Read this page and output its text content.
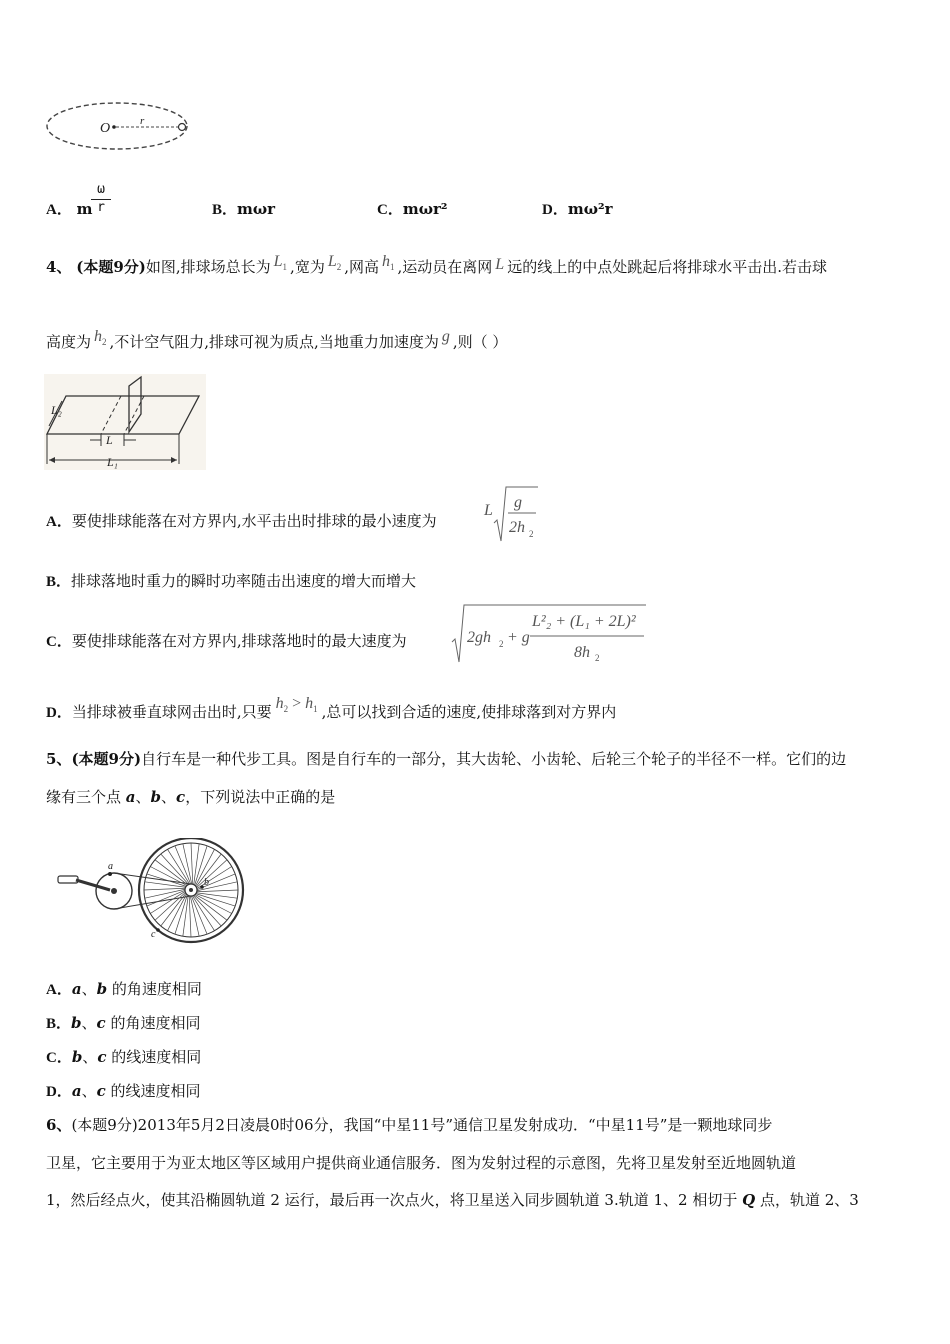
O	r
A． m
ω
r	B．mωr	C．mωr²	D．mω²r
4、 (本题9分)如图,排球场总长为 $L_1$ ,宽为 $L_2$ ,网高 $h_1$ ,运动员在离网 L 远的线上的中点处跳起后将排球水平击出.若击球
高度为 $h_2$ ,不计空气阻力,排球可视为质点,当地重力加速度为 g ,则（ ）
L₂
L
L₁
A．要使排球能落在对方界内,水平击出时排球的最小速度为
L g
2h 2
B．排球落地时重力的瞬时功率随击出速度的增大而增大
C．要使排球能落在对方界内,排球落地时的最大速度为	2gh 2 + g
L²₂ + (L₁ + 2L)²
8h 2
D．当排球被垂直球网击出时,只要 $h_2 > h_1$ ,总可以找到合适的速度,使排球落到对方界内
5、(本题9分)自行车是一种代步工具。图是自行车的一部分，其大齿轮、小齿轮、后轮三个轮子的半径不一样。它们的边
缘有三个点 a、b、c，下列说法中正确的是
a
b
c
A．a、b 的角速度相同
B．b、c 的角速度相同
C．b、c 的线速度相同
D．a、c 的线速度相同
6、(本题9分)2013年5月2日凌晨0时06分，我国“中星11号”通信卫星发射成功．“中星11号”是一颗地球同步
卫星，它主要用于为亚太地区等区域用户提供商业通信服务．图为发射过程的示意图，先将卫星发射至近地圆轨道
1，然后经点火，使其沿椭圆轨道 2 运行，最后再一次点火，将卫星送入同步圆轨道 3.轨道 1、2 相切于 Q 点，轨道 2、3
